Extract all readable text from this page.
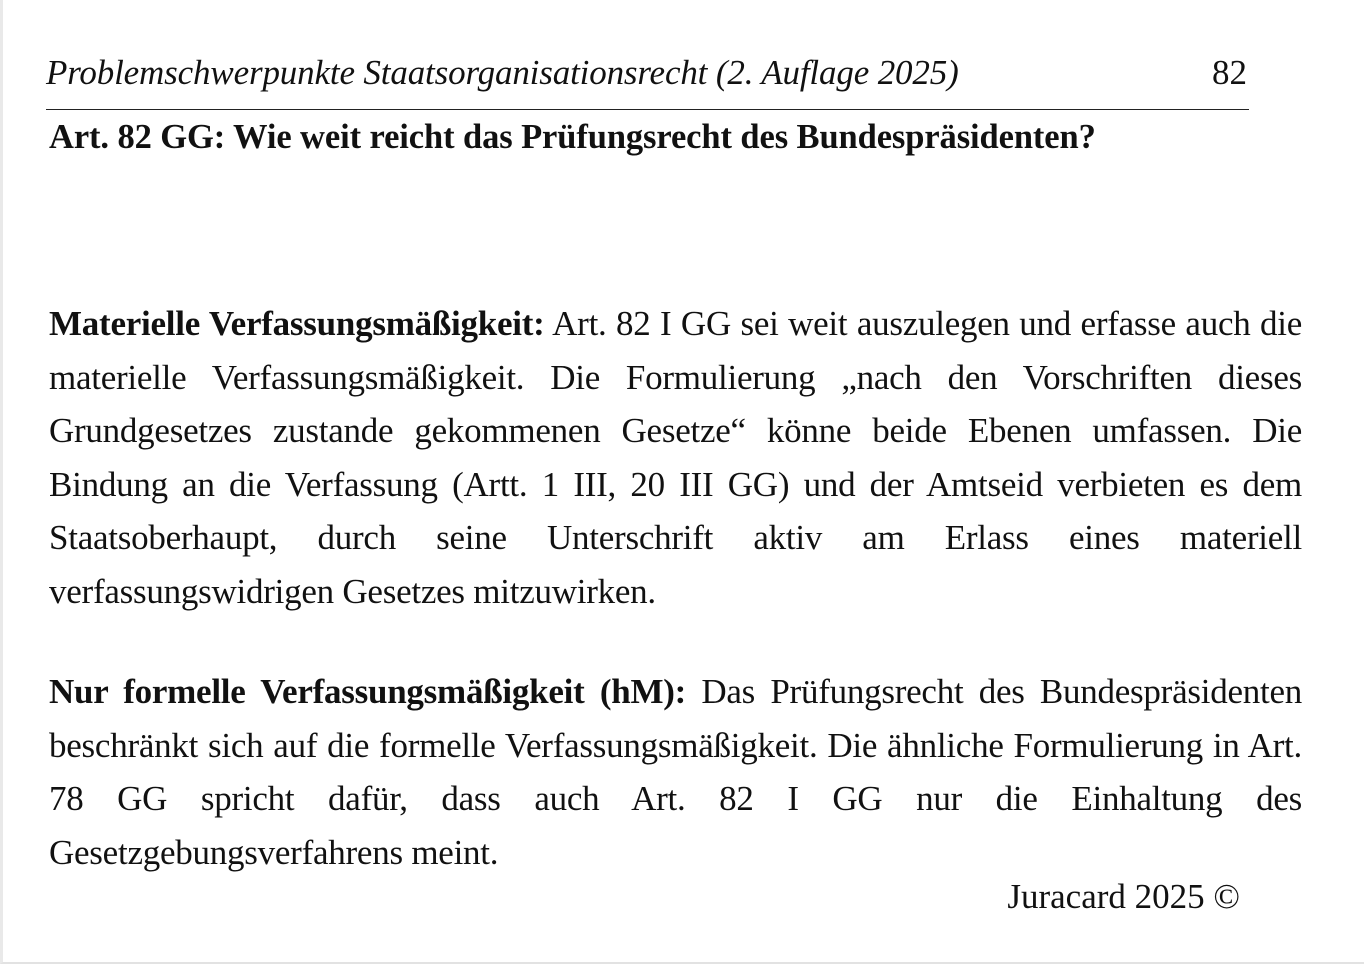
Problemschwerpunkte Staatsorganisationsrecht (2. Auflage 2025)	82
Art. 82 GG: Wie weit reicht das Prüfungsrecht des Bundespräsidenten?

Materielle Verfassungsmäßigkeit: Art. 82 I GG sei weit auszulegen und erfasse auch die materielle Verfassungsmäßigkeit. Die Formulierung „nach den Vorschriften dieses Grundgesetzes zustande gekommenen Gesetze“ könne beide Ebenen umfassen. Die Bindung an die Verfassung (Artt. 1 III, 20 III GG) und der Amtseid verbieten es dem Staatsoberhaupt, durch seine Unterschrift aktiv am Erlass eines materiell verfassungswidrigen Gesetzes mitzuwirken.

Nur formelle Verfassungsmäßigkeit (hM): Das Prüfungsrecht des Bundespräsidenten beschränkt sich auf die formelle Verfassungsmäßigkeit. Die ähnliche Formulierung in Art. 78 GG spricht dafür, dass auch Art. 82 I GG nur die Einhaltung des Gesetzgebungsverfahrens meint.

Juracard 2025 ©
